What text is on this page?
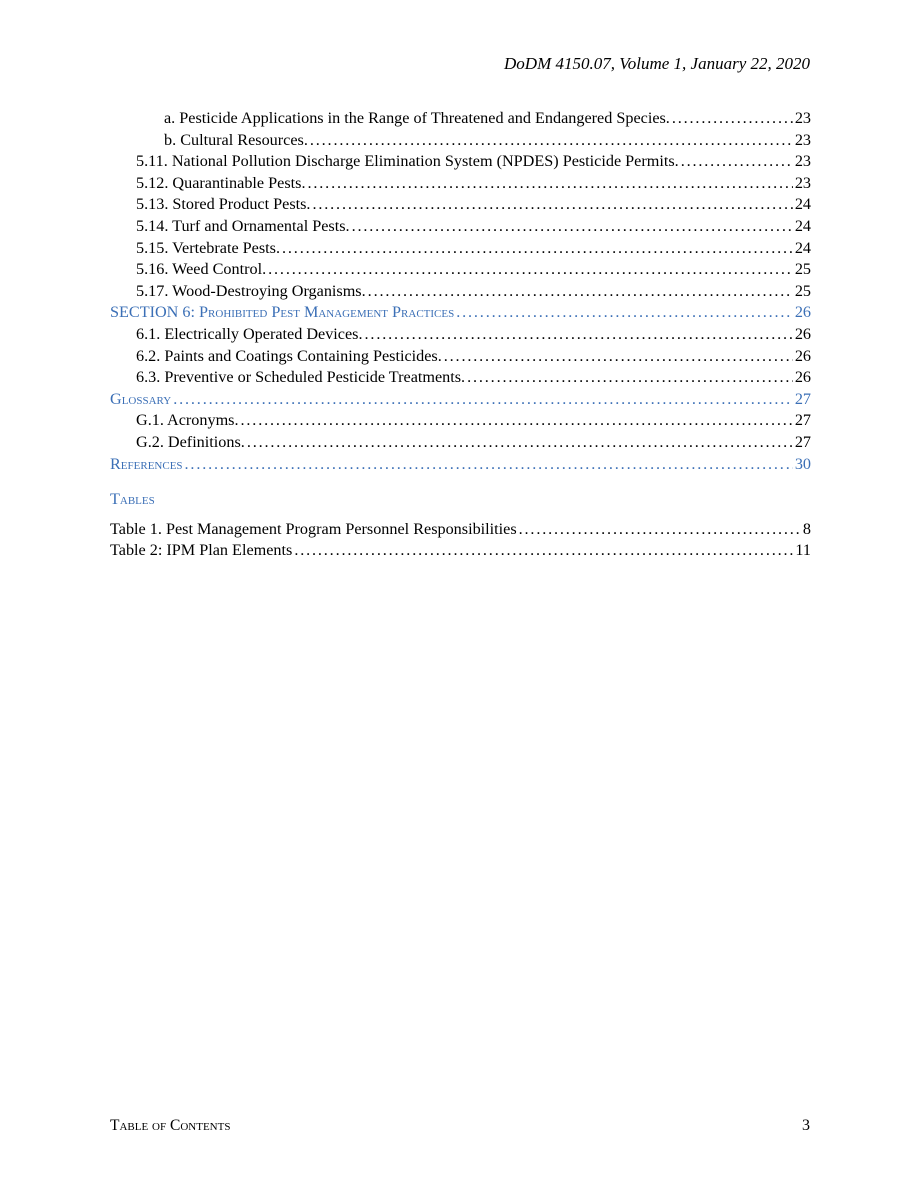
DoDM 4150.07, Volume 1, January 22, 2020
a. Pesticide Applications in the Range of Threatened and Endangered Species. . . .	23
b. Cultural Resources. . . .	23
5.11. National Pollution Discharge Elimination System (NPDES) Pesticide Permits. . . .	23
5.12. Quarantinable Pests. . . .	23
5.13. Stored Product Pests. . . .	24
5.14. Turf and Ornamental Pests. . . .	24
5.15. Vertebrate Pests. . . .	24
5.16. Weed Control. . . .	25
5.17. Wood-Destroying Organisms. . . .	25
SECTION 6: Prohibited Pest Management Practices . . .	26
6.1. Electrically Operated Devices. . . .	26
6.2. Paints and Coatings Containing Pesticides. . . .	26
6.3. Preventive or Scheduled Pesticide Treatments. . . .	26
Glossary . . .	27
G.1. Acronyms. . . .	27
G.2. Definitions. . . .	27
References . . .	30
Tables
Table 1. Pest Management Program Personnel Responsibilities . . .	8
Table 2: IPM Plan Elements . . .	11
Table of Contents	3
